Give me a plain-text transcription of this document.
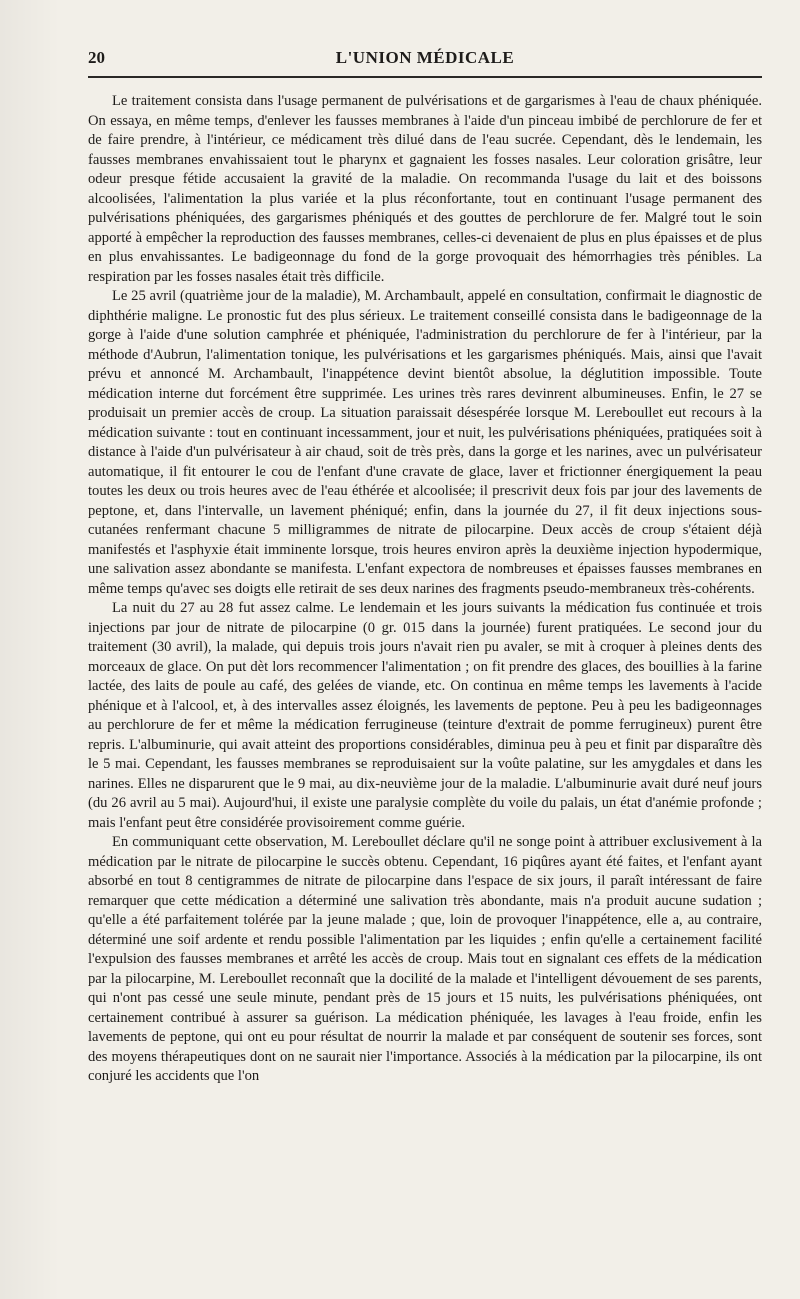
20	L'UNION MÉDICALE

Le traitement consista dans l'usage permanent de pulvérisations et de gargarismes à l'eau de chaux phéniquée. On essaya, en même temps, d'enlever les fausses membranes à l'aide d'un pinceau imbibé de perchlorure de fer et de faire prendre, à l'intérieur, ce médicament très dilué dans de l'eau sucrée. Cependant, dès le lendemain, les fausses membranes envahissaient tout le pharynx et gagnaient les fosses nasales. Leur coloration grisâtre, leur odeur presque fétide accusaient la gravité de la maladie. On recommanda l'usage du lait et des boissons alcoolisées, l'alimentation la plus variée et la plus réconfortante, tout en continuant l'usage permanent des pulvérisations phéniquées, des gargarismes phéniqués et des gouttes de perchlorure de fer. Malgré tout le soin apporté à empêcher la reproduction des fausses membranes, celles-ci devenaient de plus en plus épaisses et de plus en plus envahissantes. Le badigeonnage du fond de la gorge provoquait des hémorrhagies très pénibles. La respiration par les fosses nasales était très difficile.

Le 25 avril (quatrième jour de la maladie), M. Archambault, appelé en consultation, confirmait le diagnostic de diphthérie maligne. Le pronostic fut des plus sérieux. Le traitement conseillé consista dans le badigeonnage de la gorge à l'aide d'une solution camphrée et phéniquée, l'administration du perchlorure de fer à l'intérieur, par la méthode d'Aubrun, l'alimentation tonique, les pulvérisations et les gargarismes phéniqués. Mais, ainsi que l'avait prévu et annoncé M. Archambault, l'inappétence devint bientôt absolue, la déglutition impossible. Toute médication interne dut forcément être supprimée. Les urines très rares devinrent albumineuses. Enfin, le 27 se produisait un premier accès de croup. La situation paraissait désespérée lorsque M. Lereboullet eut recours à la médication suivante : tout en continuant incessamment, jour et nuit, les pulvérisations phéniquées, pratiquées soit à distance à l'aide d'un pulvérisateur à air chaud, soit de très près, dans la gorge et les narines, avec un pulvérisateur automatique, il fit entourer le cou de l'enfant d'une cravate de glace, laver et frictionner énergiquement la peau toutes les deux ou trois heures avec de l'eau éthérée et alcoolisée; il prescrivit deux fois par jour des lavements de peptone, et, dans l'intervalle, un lavement phéniqué; enfin, dans la journée du 27, il fit deux injections sous-cutanées renfermant chacune 5 milligrammes de nitrate de pilocarpine. Deux accès de croup s'étaient déjà manifestés et l'asphyxie était imminente lorsque, trois heures environ après la deuxième injection hypodermique, une salivation assez abondante se manifesta. L'enfant expectora de nombreuses et épaisses fausses membranes en même temps qu'avec ses doigts elle retirait de ses deux narines des fragments pseudo-membraneux très-cohérents.

La nuit du 27 au 28 fut assez calme. Le lendemain et les jours suivants la médication fus continuée et trois injections par jour de nitrate de pilocarpine (0 gr. 015 dans la journée) furent pratiquées. Le second jour du traitement (30 avril), la malade, qui depuis trois jours n'avait rien pu avaler, se mit à croquer à pleines dents des morceaux de glace. On put dèt lors recommencer l'alimentation ; on fit prendre des glaces, des bouillies à la farine lactée, des laits de poule au café, des gelées de viande, etc. On continua en même temps les lavements à l'acide phénique et à l'alcool, et, à des intervalles assez éloignés, les lavements de peptone. Peu à peu les badigeonnages au perchlorure de fer et même la médication ferrugineuse (teinture d'extrait de pomme ferrugineux) purent être repris. L'albuminurie, qui avait atteint des proportions considérables, diminua peu à peu et finit par disparaître dès le 5 mai. Cependant, les fausses membranes se reproduisaient sur la voûte palatine, sur les amygdales et dans les narines. Elles ne disparurent que le 9 mai, au dix-neuvième jour de la maladie. L'albuminurie avait duré neuf jours (du 26 avril au 5 mai). Aujourd'hui, il existe une paralysie complète du voile du palais, un état d'anémie profonde ; mais l'enfant peut être considérée provisoirement comme guérie.

En communiquant cette observation, M. Lereboullet déclare qu'il ne songe point à attribuer exclusivement à la médication par le nitrate de pilocarpine le succès obtenu. Cependant, 16 piqûres ayant été faites, et l'enfant ayant absorbé en tout 8 centigrammes de nitrate de pilocarpine dans l'espace de six jours, il paraît intéressant de faire remarquer que cette médication a déterminé une salivation très abondante, mais n'a produit aucune sudation ; qu'elle a été parfaitement tolérée par la jeune malade ; que, loin de provoquer l'inappétence, elle a, au contraire, déterminé une soif ardente et rendu possible l'alimentation par les liquides ; enfin qu'elle a certainement facilité l'expulsion des fausses membranes et arrêté les accès de croup. Mais tout en signalant ces effets de la médication par la pilocarpine, M. Lereboullet reconnaît que la docilité de la malade et l'intelligent dévouement de ses parents, qui n'ont pas cessé une seule minute, pendant près de 15 jours et 15 nuits, les pulvérisations phéniquées, ont certainement contribué à assurer sa guérison. La médication phéniquée, les lavages à l'eau froide, enfin les lavements de peptone, qui ont eu pour résultat de nourrir la malade et par conséquent de soutenir ses forces, sont des moyens thérapeutiques dont on ne saurait nier l'importance. Associés à la médication par la pilocarpine, ils ont conjuré les accidents que l'on
